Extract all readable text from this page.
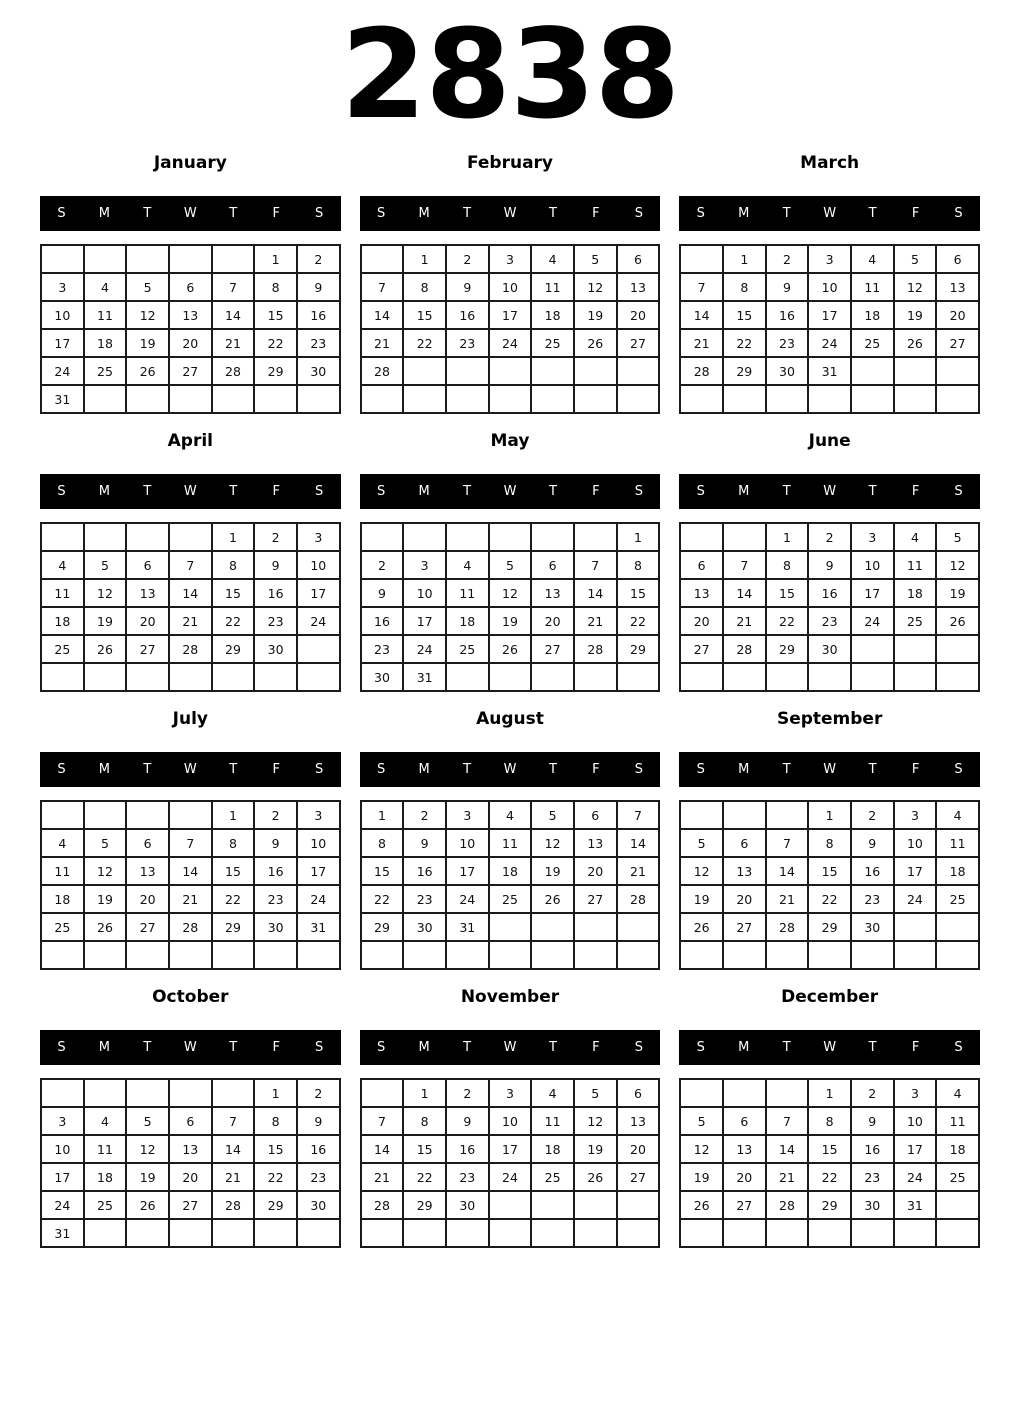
2838
January
S	M	T	W	T	F	S
					1	2
3	4	5	6	7	8	9
10	11	12	13	14	15	16
17	18	19	20	21	22	23
24	25	26	27	28	29	30
31						
February
S	M	T	W	T	F	S
	1	2	3	4	5	6
7	8	9	10	11	12	13
14	15	16	17	18	19	20
21	22	23	24	25	26	27
28						

March
S	M	T	W	T	F	S
	1	2	3	4	5	6
7	8	9	10	11	12	13
14	15	16	17	18	19	20
21	22	23	24	25	26	27
28	29	30	31			

April
S	M	T	W	T	F	S
				1	2	3
4	5	6	7	8	9	10
11	12	13	14	15	16	17
18	19	20	21	22	23	24
25	26	27	28	29	30	

May
S	M	T	W	T	F	S
						1
2	3	4	5	6	7	8
9	10	11	12	13	14	15
16	17	18	19	20	21	22
23	24	25	26	27	28	29
30	31					
June
S	M	T	W	T	F	S
		1	2	3	4	5
6	7	8	9	10	11	12
13	14	15	16	17	18	19
20	21	22	23	24	25	26
27	28	29	30			

July
S	M	T	W	T	F	S
				1	2	3
4	5	6	7	8	9	10
11	12	13	14	15	16	17
18	19	20	21	22	23	24
25	26	27	28	29	30	31

August
S	M	T	W	T	F	S
1	2	3	4	5	6	7
8	9	10	11	12	13	14
15	16	17	18	19	20	21
22	23	24	25	26	27	28
29	30	31				

September
S	M	T	W	T	F	S
			1	2	3	4
5	6	7	8	9	10	11
12	13	14	15	16	17	18
19	20	21	22	23	24	25
26	27	28	29	30		

October
S	M	T	W	T	F	S
					1	2
3	4	5	6	7	8	9
10	11	12	13	14	15	16
17	18	19	20	21	22	23
24	25	26	27	28	29	30
31						
November
S	M	T	W	T	F	S
	1	2	3	4	5	6
7	8	9	10	11	12	13
14	15	16	17	18	19	20
21	22	23	24	25	26	27
28	29	30				

December
S	M	T	W	T	F	S
			1	2	3	4
5	6	7	8	9	10	11
12	13	14	15	16	17	18
19	20	21	22	23	24	25
26	27	28	29	30	31	
